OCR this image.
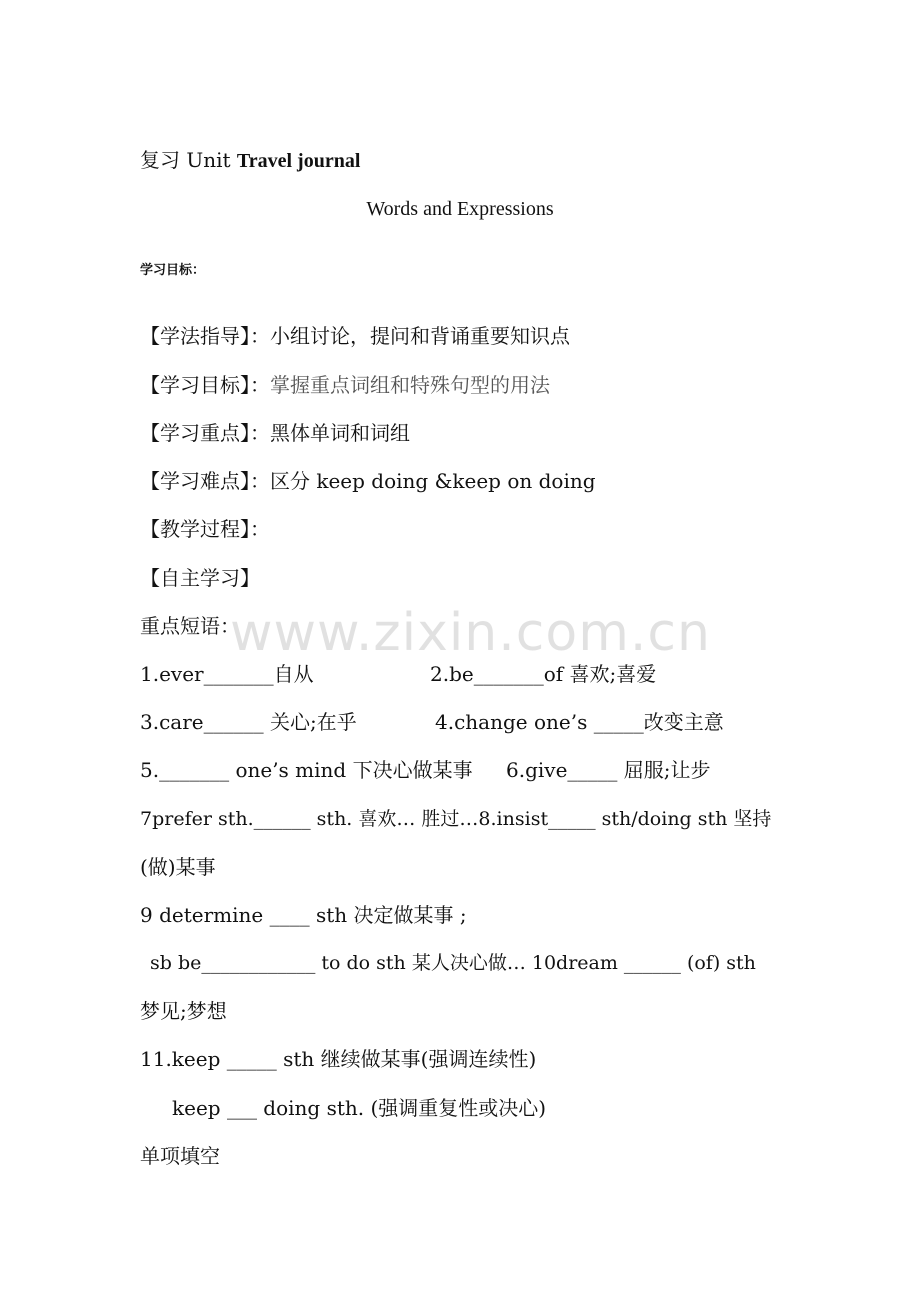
复习 Unit Travel journal
Words and Expressions
学习目标：
【学法指导】：小组讨论，提问和背诵重要知识点
【学习目标】：掌握重点词组和特殊句型的用法
【学习重点】：黑体单词和词组
【学习难点】：区分 keep doing &keep on doing
【教学过程】：
【自主学习】
重点短语：
www.zixin.com.cn
1.ever_______自从	2.be_______of 喜欢;喜爱
3.care______ 关心;在乎	4.change one’s _____改变主意
5._______ one’s mind 下决心做某事 6.give_____ 屈服;让步
7prefer sth.______ sth. 喜欢… 胜过…8.insist_____ sth/doing sth 坚持
(做)某事
9 determine ____ sth 决定做某事 ;
sb be____________ to do sth 某人决心做… 10dream ______ (of) sth
梦见;梦想
11.keep _____ sth 继续做某事(强调连续性)
keep ___ doing sth. (强调重复性或决心)
单项填空
